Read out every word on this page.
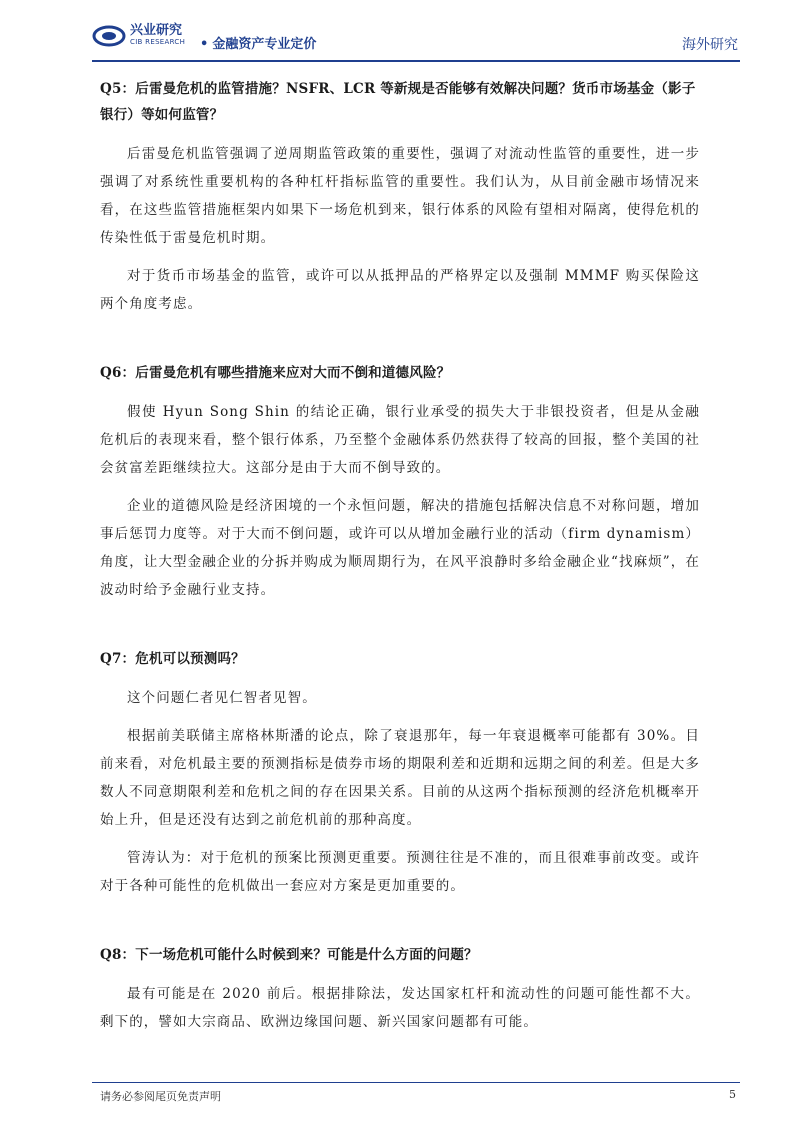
兴业研究
CIB RESEARCH • 金融资产专业定价	海外研究

Q5：后雷曼危机的监管措施？NSFR、LCR 等新规是否能够有效解决问题？货币市场基金（影子银行）等如何监管？

后雷曼危机监管强调了逆周期监管政策的重要性，强调了对流动性监管的重要性，进一步强调了对系统性重要机构的各种杠杆指标监管的重要性。我们认为，从目前金融市场情况来看，在这些监管措施框架内如果下一场危机到来，银行体系的风险有望相对隔离，使得危机的传染性低于雷曼危机时期。

对于货币市场基金的监管，或许可以从抵押品的严格界定以及强制 MMMF 购买保险这两个角度考虑。

Q6：后雷曼危机有哪些措施来应对大而不倒和道德风险？

假使 Hyun Song Shin 的结论正确，银行业承受的损失大于非银投资者，但是从金融危机后的表现来看，整个银行体系，乃至整个金融体系仍然获得了较高的回报，整个美国的社会贫富差距继续拉大。这部分是由于大而不倒导致的。

企业的道德风险是经济困境的一个永恒问题，解决的措施包括解决信息不对称问题，增加事后惩罚力度等。对于大而不倒问题，或许可以从增加金融行业的活动（firm dynamism）角度，让大型金融企业的分拆并购成为顺周期行为，在风平浪静时多给金融企业“找麻烦”，在波动时给予金融行业支持。

Q7：危机可以预测吗？

这个问题仁者见仁智者见智。

根据前美联储主席格林斯潘的论点，除了衰退那年，每一年衰退概率可能都有 30%。目前来看，对危机最主要的预测指标是债券市场的期限利差和近期和远期之间的利差。但是大多数人不同意期限利差和危机之间的存在因果关系。目前的从这两个指标预测的经济危机概率开始上升，但是还没有达到之前危机前的那种高度。

管涛认为：对于危机的预案比预测更重要。预测往往是不准的，而且很难事前改变。或许对于各种可能性的危机做出一套应对方案是更加重要的。

Q8：下一场危机可能什么时候到来？可能是什么方面的问题？

最有可能是在 2020 前后。根据排除法，发达国家杠杆和流动性的问题可能性都不大。剩下的，譬如大宗商品、欧洲边缘国问题、新兴国家问题都有可能。

请务必参阅尾页免责声明	5
